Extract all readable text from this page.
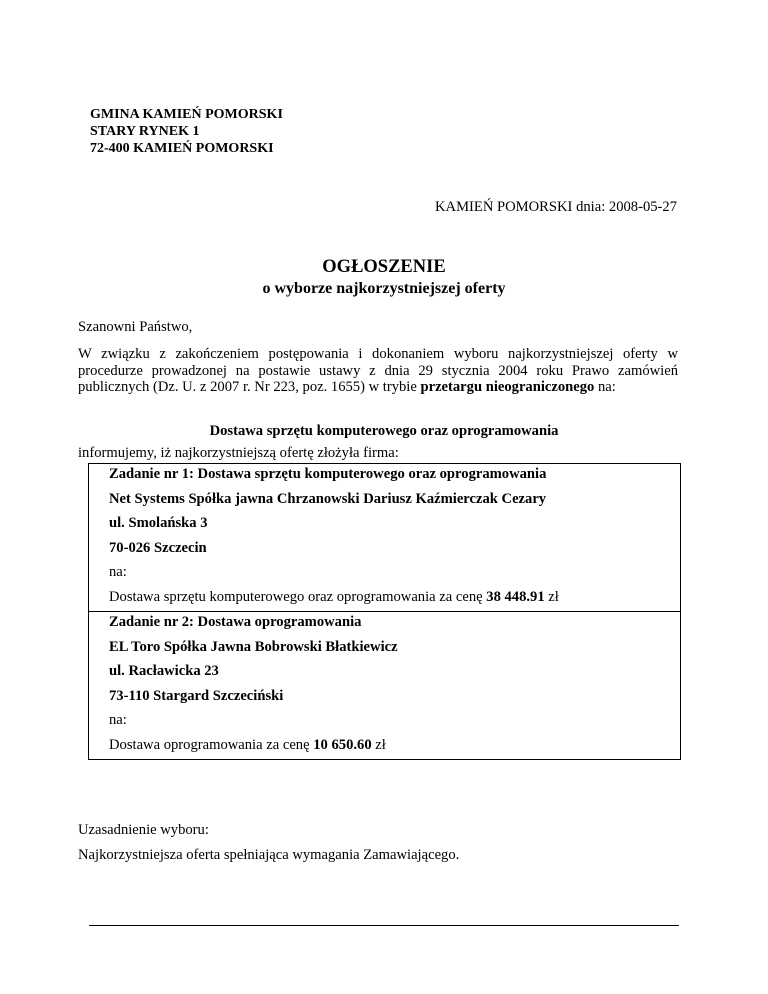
GMINA KAMIEŃ POMORSKI
STARY RYNEK 1
72-400 KAMIEŃ POMORSKI
KAMIEŃ POMORSKI dnia: 2008-05-27
OGŁOSZENIE
o wyborze najkorzystniejszej oferty
Szanowni Państwo,
W związku z zakończeniem postępowania i dokonaniem wyboru najkorzystniejszej oferty w procedurze prowadzonej na postawie ustawy z dnia 29 stycznia 2004 roku Prawo zamówień publicznych (Dz. U. z 2007 r. Nr 223, poz. 1655) w trybie przetargu nieograniczonego na:
Dostawa sprzętu komputerowego oraz oprogramowania
informujemy, iż najkorzystniejszą ofertę złożyła firma:
Zadanie nr 1: Dostawa sprzętu komputerowego oraz oprogramowania
Net Systems Spółka jawna Chrzanowski Dariusz Kaźmierczak Cezary
ul. Smolańska 3
70-026 Szczecin
na:
Dostawa sprzętu komputerowego oraz oprogramowania za cenę 38 448.91 zł
Zadanie nr 2: Dostawa oprogramowania
EL Toro Spółka Jawna Bobrowski Błatkiewicz
ul. Racławicka 23
73-110 Stargard Szczeciński
na:
Dostawa oprogramowania za cenę 10 650.60 zł
Uzasadnienie wyboru:
Najkorzystniejsza oferta spełniająca wymagania Zamawiającego.
